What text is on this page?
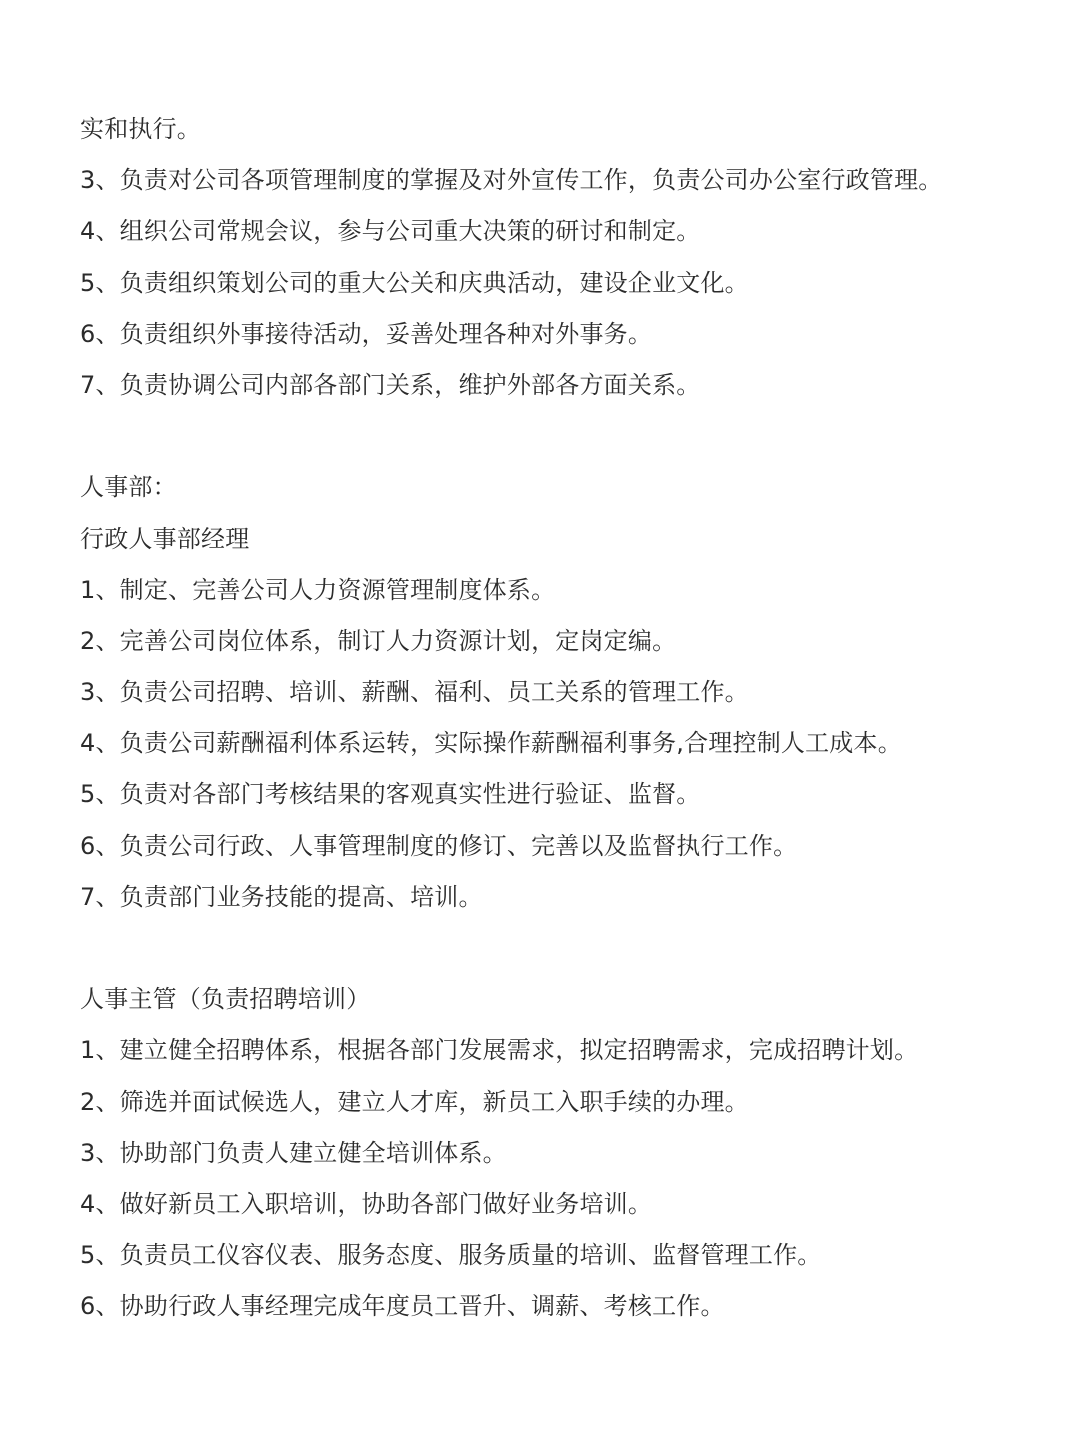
实和执行。
3、负责对公司各项管理制度的掌握及对外宣传工作，负责公司办公室行政管理。
4、组织公司常规会议，参与公司重大决策的研讨和制定。
5、负责组织策划公司的重大公关和庆典活动，建设企业文化。
6、负责组织外事接待活动，妥善处理各种对外事务。
7、负责协调公司内部各部门关系，维护外部各方面关系。
人事部：
行政人事部经理
1、制定、完善公司人力资源管理制度体系。
2、完善公司岗位体系，制订人力资源计划，定岗定编。
3、负责公司招聘、培训、薪酬、福利、员工关系的管理工作。
4、负责公司薪酬福利体系运转，实际操作薪酬福利事务,合理控制人工成本。
5、负责对各部门考核结果的客观真实性进行验证、监督。
6、负责公司行政、人事管理制度的修订、完善以及监督执行工作。
7、负责部门业务技能的提高、培训。
人事主管（负责招聘培训）
1、建立健全招聘体系，根据各部门发展需求，拟定招聘需求，完成招聘计划。
2、筛选并面试候选人，建立人才库，新员工入职手续的办理。
3、协助部门负责人建立健全培训体系。
4、做好新员工入职培训，协助各部门做好业务培训。
5、负责员工仪容仪表、服务态度、服务质量的培训、监督管理工作。
6、协助行政人事经理完成年度员工晋升、调薪、考核工作。
